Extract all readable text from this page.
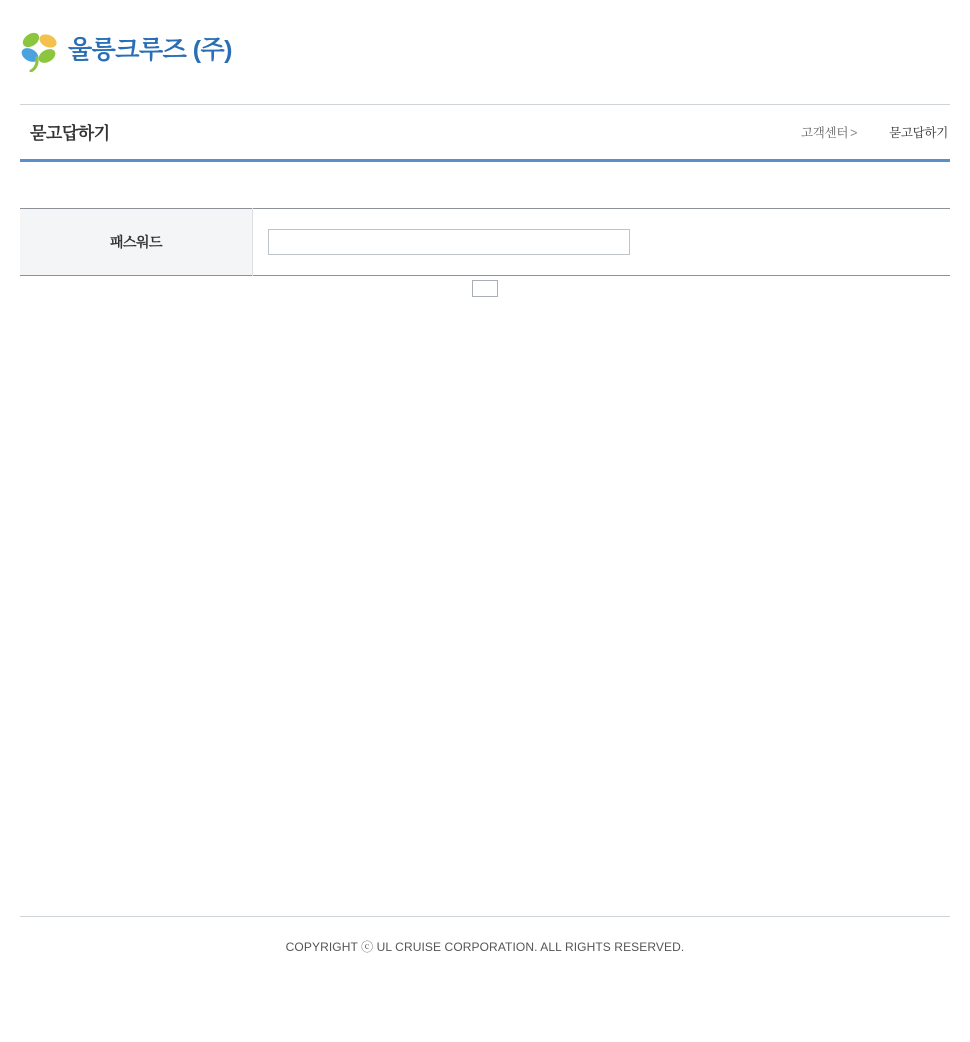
울릉크루즈 (주)
묻고답하기	고객센터 >	묻고답하기
패스워드	
COPYRIGHT ⓒ UL CRUISE CORPORATION. ALL RIGHTS RESERVED.
